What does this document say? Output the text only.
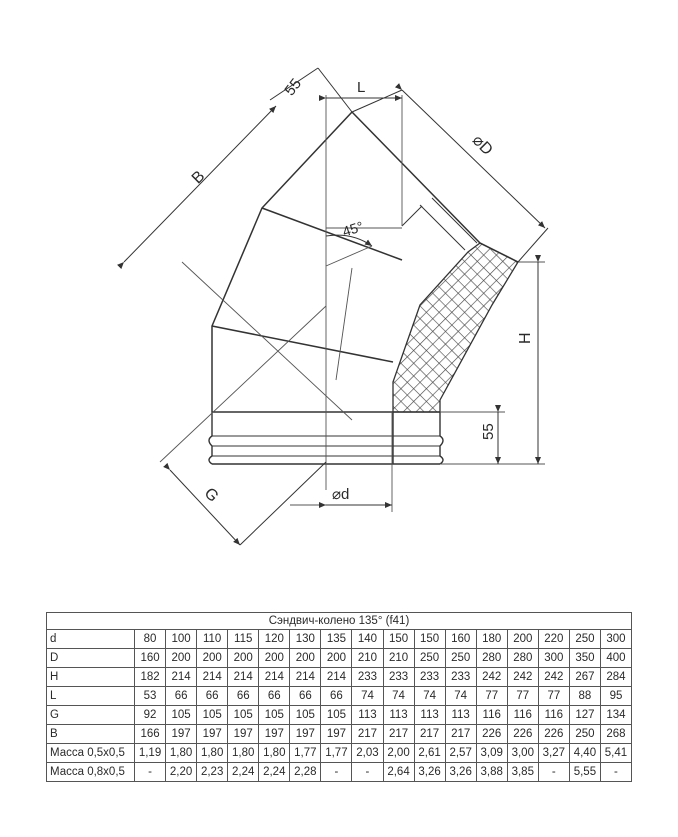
55	L
⌀D
B
45°
H
55
G	⌀d
Сэндвич-колено 135° (f41)																
d	80	100	110	115	120	130	135	140	150	150	160	180	200	220	250	300
D	160	200	200	200	200	200	200	210	210	250	250	280	280	300	350	400
H	182	214	214	214	214	214	214	233	233	233	233	242	242	242	267	284
L	53	66	66	66	66	66	66	74	74	74	74	77	77	77	88	95
G	92	105	105	105	105	105	105	113	113	113	113	116	116	116	127	134
B	166	197	197	197	197	197	197	217	217	217	217	226	226	226	250	268
Масса 0,5х0,5	1,19	1,80	1,80	1,80	1,80	1,77	1,77	2,03	2,00	2,61	2,57	3,09	3,00	3,27	4,40	5,41
Масса 0,8х0,5	-	2,20	2,23	2,24	2,24	2,28	-	-	2,64	3,26	3,26	3,88	3,85	-	5,55	-
